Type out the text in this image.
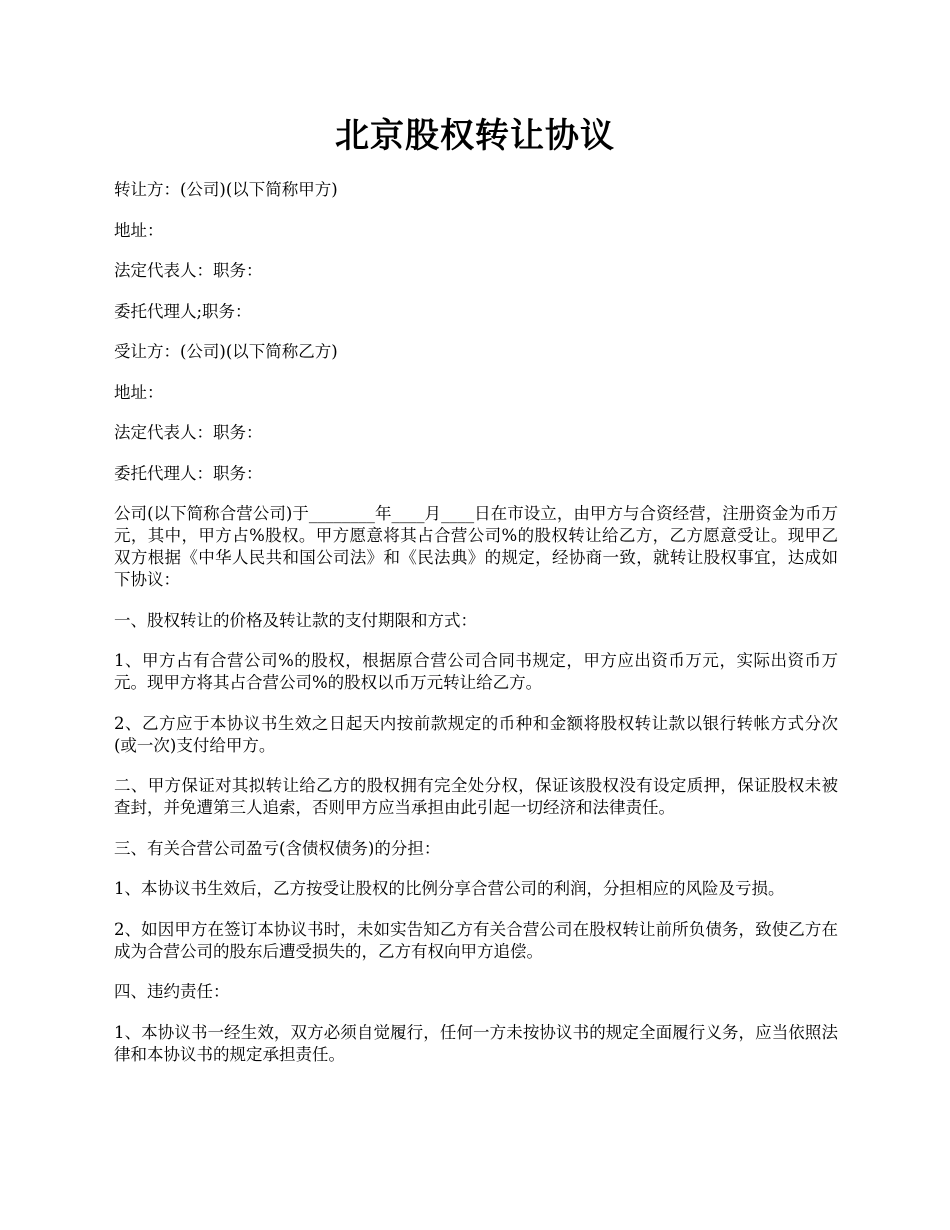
北京股权转让协议

转让方：(公司)(以下简称甲方)

地址：

法定代表人：职务：

委托代理人;职务：

受让方：(公司)(以下简称乙方)

地址：

法定代表人：职务：

委托代理人：职务：

公司(以下简称合营公司)于________年____月____日在市设立，由甲方与合资经营，注册资金为币万元，其中，甲方占%股权。甲方愿意将其占合营公司%的股权转让给乙方，乙方愿意受让。现甲乙双方根据《中华人民共和国公司法》和《民法典》的规定，经协商一致，就转让股权事宜，达成如下协议：

一、股权转让的价格及转让款的支付期限和方式：

1、甲方占有合营公司%的股权，根据原合营公司合同书规定，甲方应出资币万元，实际出资币万元。现甲方将其占合营公司%的股权以币万元转让给乙方。

2、乙方应于本协议书生效之日起天内按前款规定的币种和金额将股权转让款以银行转帐方式分次(或一次)支付给甲方。

二、甲方保证对其拟转让给乙方的股权拥有完全处分权，保证该股权没有设定质押，保证股权未被查封，并免遭第三人追索，否则甲方应当承担由此引起一切经济和法律责任。

三、有关合营公司盈亏(含债权债务)的分担：

1、本协议书生效后，乙方按受让股权的比例分享合营公司的利润，分担相应的风险及亏损。

2、如因甲方在签订本协议书时，未如实告知乙方有关合营公司在股权转让前所负债务，致使乙方在成为合营公司的股东后遭受损失的，乙方有权向甲方追偿。

四、违约责任：

1、本协议书一经生效，双方必须自觉履行，任何一方未按协议书的规定全面履行义务，应当依照法律和本协议书的规定承担责任。
